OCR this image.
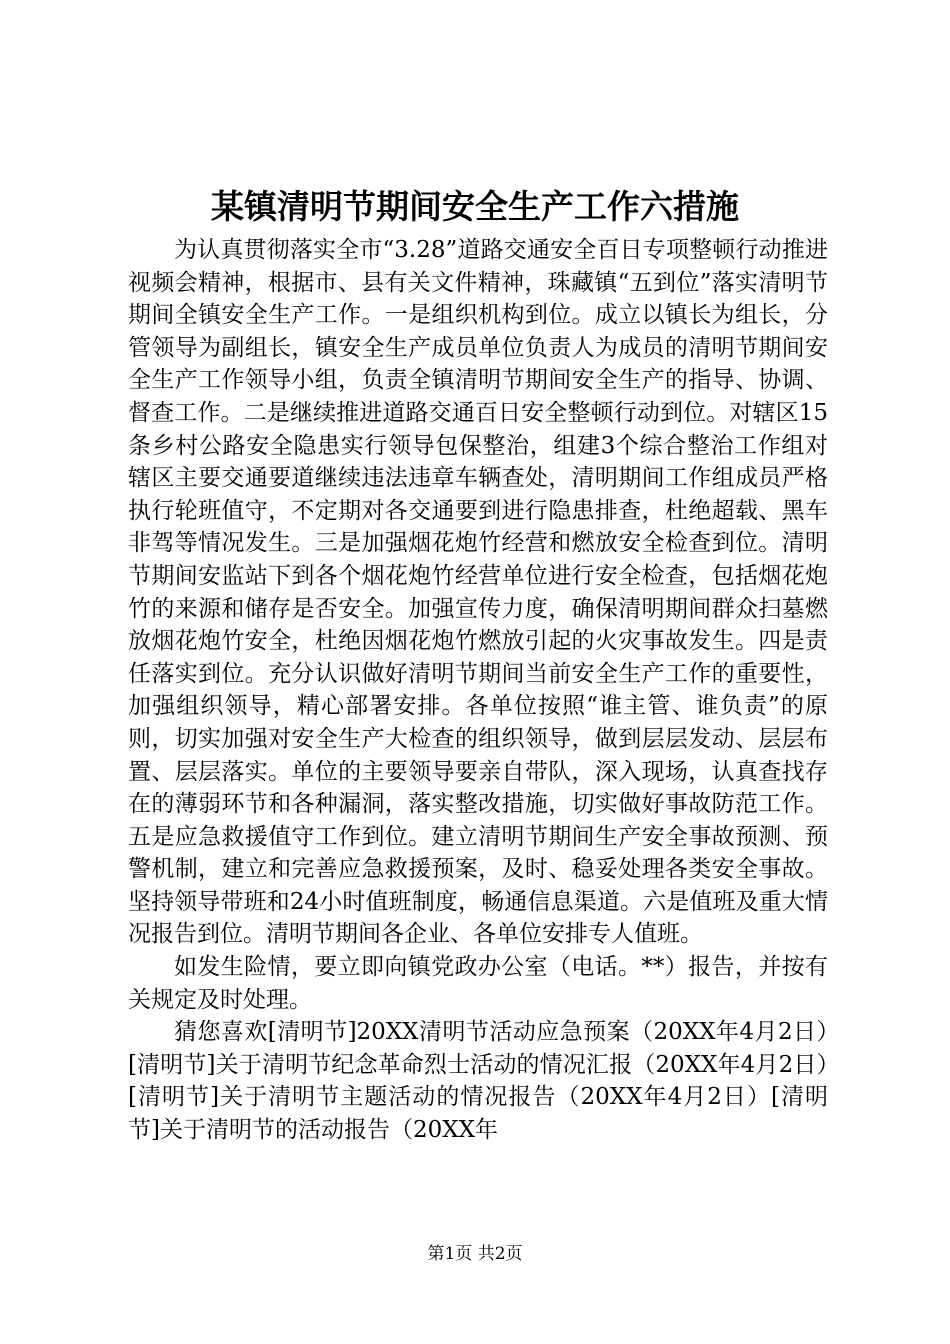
某镇清明节期间安全生产工作六措施

为认真贯彻落实全市“3.28”道路交通安全百日专项整顿行动推进视频会精神，根据市、县有关文件精神，珠藏镇“五到位”落实清明节期间全镇安全生产工作。一是组织机构到位。成立以镇长为组长，分管领导为副组长，镇安全生产成员单位负责人为成员的清明节期间安全生产工作领导小组，负责全镇清明节期间安全生产的指导、协调、督查工作。二是继续推进道路交通百日安全整顿行动到位。对辖区15条乡村公路安全隐患实行领导包保整治，组建3个综合整治工作组对辖区主要交通要道继续违法违章车辆查处，清明期间工作组成员严格执行轮班值守，不定期对各交通要到进行隐患排查，杜绝超载、黑车非驾等情况发生。三是加强烟花炮竹经营和燃放安全检查到位。清明节期间安监站下到各个烟花炮竹经营单位进行安全检查，包括烟花炮竹的来源和储存是否安全。加强宣传力度，确保清明期间群众扫墓燃放烟花炮竹安全，杜绝因烟花炮竹燃放引起的火灾事故发生。四是责任落实到位。充分认识做好清明节期间当前安全生产工作的重要性，加强组织领导，精心部署安排。各单位按照“谁主管、谁负责”的原则，切实加强对安全生产大检查的组织领导，做到层层发动、层层布置、层层落实。单位的主要领导要亲自带队，深入现场，认真查找存在的薄弱环节和各种漏洞，落实整改措施，切实做好事故防范工作。五是应急救援值守工作到位。建立清明节期间生产安全事故预测、预警机制，建立和完善应急救援预案，及时、稳妥处理各类安全事故。坚持领导带班和24小时值班制度，畅通信息渠道。六是值班及重大情况报告到位。清明节期间各企业、各单位安排专人值班。

如发生险情，要立即向镇党政办公室（电话。**）报告，并按有关规定及时处理。

猜您喜欢[清明节]20XX清明节活动应急预案（20XX年4月2日）[清明节]关于清明节纪念革命烈士活动的情况汇报（20XX年4月2日）[清明节]关于清明节主题活动的情况报告（20XX年4月2日）[清明节]关于清明节的活动报告（20XX年

第1页 共2页
